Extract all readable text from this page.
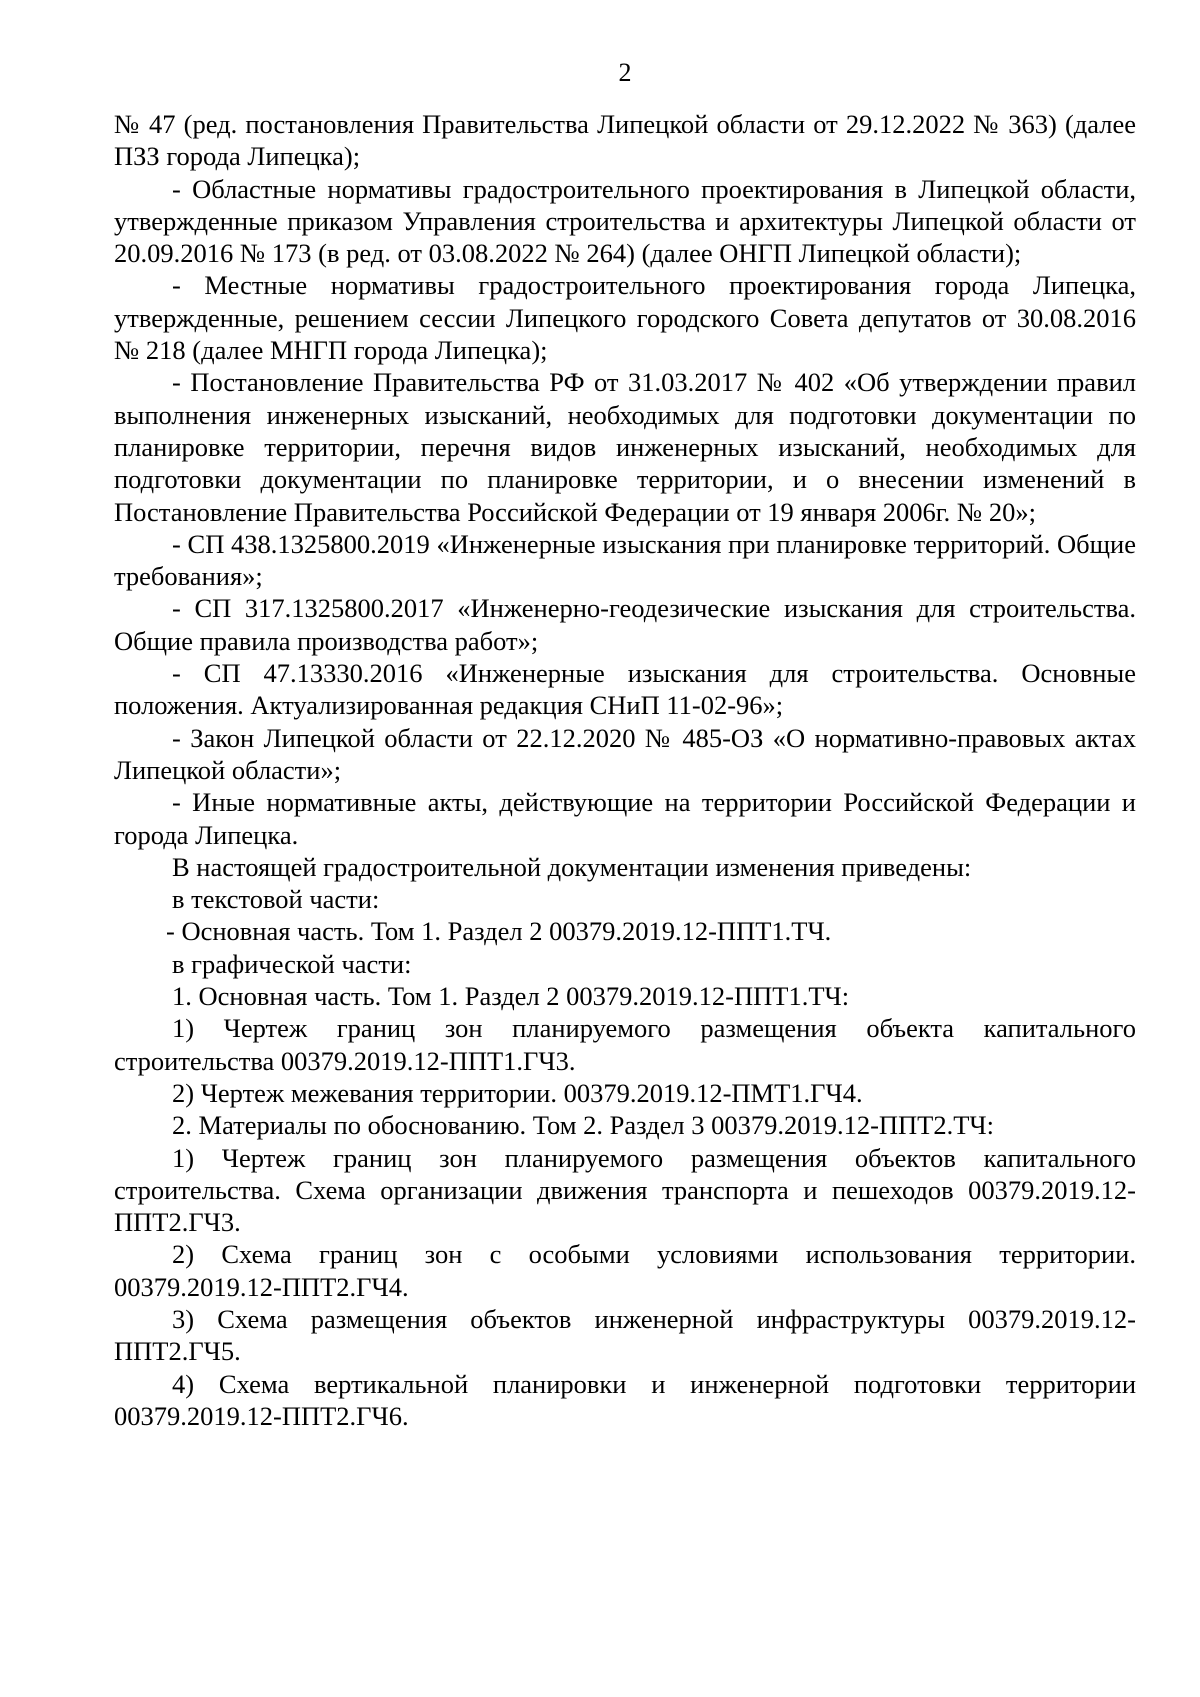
2

№ 47 (ред. постановления Правительства Липецкой области от 29.12.2022 № 363) (далее ПЗЗ города Липецка);

- Областные нормативы градостроительного проектирования в Липецкой области, утвержденные приказом Управления строительства и архитектуры Липецкой области от 20.09.2016 № 173 (в ред. от 03.08.2022 № 264) (далее ОНГП Липецкой области);

- Местные нормативы градостроительного проектирования города Липецка, утвержденные, решением сессии Липецкого городского Совета депутатов от 30.08.2016 № 218 (далее МНГП города Липецка);

- Постановление Правительства РФ от 31.03.2017 № 402 «Об утверждении правил выполнения инженерных изысканий, необходимых для подготовки документации по планировке территории, перечня видов инженерных изысканий, необходимых для подготовки документации по планировке территории, и о внесении изменений в Постановление Правительства Российской Федерации от 19 января 2006г. № 20»;

- СП 438.1325800.2019 «Инженерные изыскания при планировке территорий. Общие требования»;

- СП 317.1325800.2017 «Инженерно-геодезические изыскания для строительства. Общие правила производства работ»;

- СП 47.13330.2016 «Инженерные изыскания для строительства. Основные положения. Актуализированная редакция СНиП 11-02-96»;

- Закон Липецкой области от 22.12.2020 № 485-ОЗ «О нормативно-правовых актах Липецкой области»;

- Иные нормативные акты, действующие на территории Российской Федерации и города Липецка.

В настоящей градостроительной документации изменения приведены:

в текстовой части:

- Основная часть. Том 1. Раздел 2 00379.2019.12-ППТ1.ТЧ.

в графической части:

1. Основная часть. Том 1. Раздел 2 00379.2019.12-ППТ1.ТЧ:

1) Чертеж границ зон планируемого размещения объекта капитального строительства 00379.2019.12-ППТ1.ГЧ3.

2) Чертеж межевания территории. 00379.2019.12-ПМТ1.ГЧ4.

2. Материалы по обоснованию. Том 2. Раздел 3 00379.2019.12-ППТ2.ТЧ:

1) Чертеж границ зон планируемого размещения объектов капитального строительства. Схема организации движения транспорта и пешеходов 00379.2019.12-ППТ2.ГЧ3.

2) Схема границ зон с особыми условиями использования территории. 00379.2019.12-ППТ2.ГЧ4.

3) Схема размещения объектов инженерной инфраструктуры 00379.2019.12-ППТ2.ГЧ5.

4) Схема вертикальной планировки и инженерной подготовки территории 00379.2019.12-ППТ2.ГЧ6.
